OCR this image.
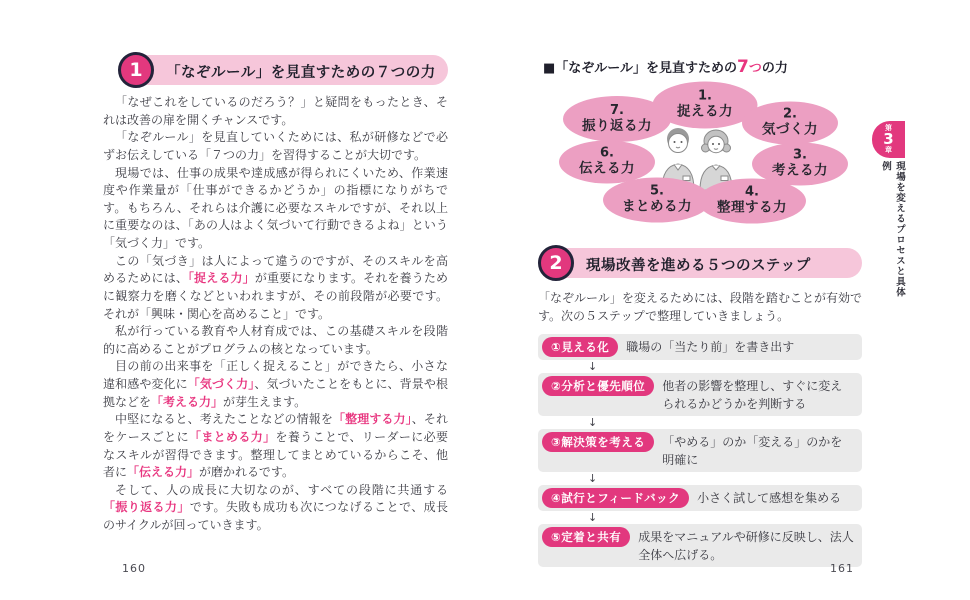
1	「なぞルール」を見直すための７つの力

「なぜこれをしているのだろう？」と疑問をもったとき、それは改善の扉を開くチャンスです。

「なぞルール」を見直していくためには、私が研修などで必ずお伝えしている「７つの力」を習得することが大切です。

現場では、仕事の成果や達成感が得られにくいため、作業速度や作業量が「仕事ができるかどうか」の指標になりがちです。もちろん、それらは介護に必要なスキルですが、それ以上に重要なのは、「あの人はよく気づいて行動できるよね」という「気づく力」です。

この「気づき」は人によって違うのですが、そのスキルを高めるためには、「捉える力」が重要になります。それを養うために観察力を磨くなどといわれますが、その前段階が必要です。それが「興味・関心を高めること」です。

私が行っている教育や人材育成では、この基礎スキルを段階的に高めることがプログラムの核となっています。

目の前の出来事を「正しく捉えること」ができたら、小さな違和感や変化に「気づく力」、気づいたことをもとに、背景や根拠などを「考える力」が芽生えます。

中堅になると、考えたことなどの情報を「整理する力」、それをケースごとに「まとめる力」を養うことで、リーダーに必要なスキルが習得できます。整理してまとめているからこそ、他者に「伝える力」が磨かれるです。

そして、人の成長に大切なのが、すべての段階に共通する「振り返る力」です。失敗も成功も次につなげることで、成長のサイクルが回っていきます。

160
■「なぞルール」を見直すための7つの力
1.
捉える力	2.
気づく力
3.
考える力
4.
整理する力
5.
まとめる力
6.
伝える力
7.
振り返る力
2	現場改善を進める５つのステップ
「なぞルール」を変えるためには、段階を踏むことが有効です。次の５ステップで整理していきましょう。
①見える化	職場の「当たり前」を書き出す
↓
②分析と優先順位	他者の影響を整理し、すぐに変えられるかどうかを判断する
↓
③解決策を考える	「やめる」のか「変える」のかを明確に
↓
④試行とフィードバック	小さく試して感想を集める
↓
⑤定着と共有	成果をマニュアルや研修に反映し、法人全体へ広げる。
161
第
3
章
現場を変えるプロセスと具体例
